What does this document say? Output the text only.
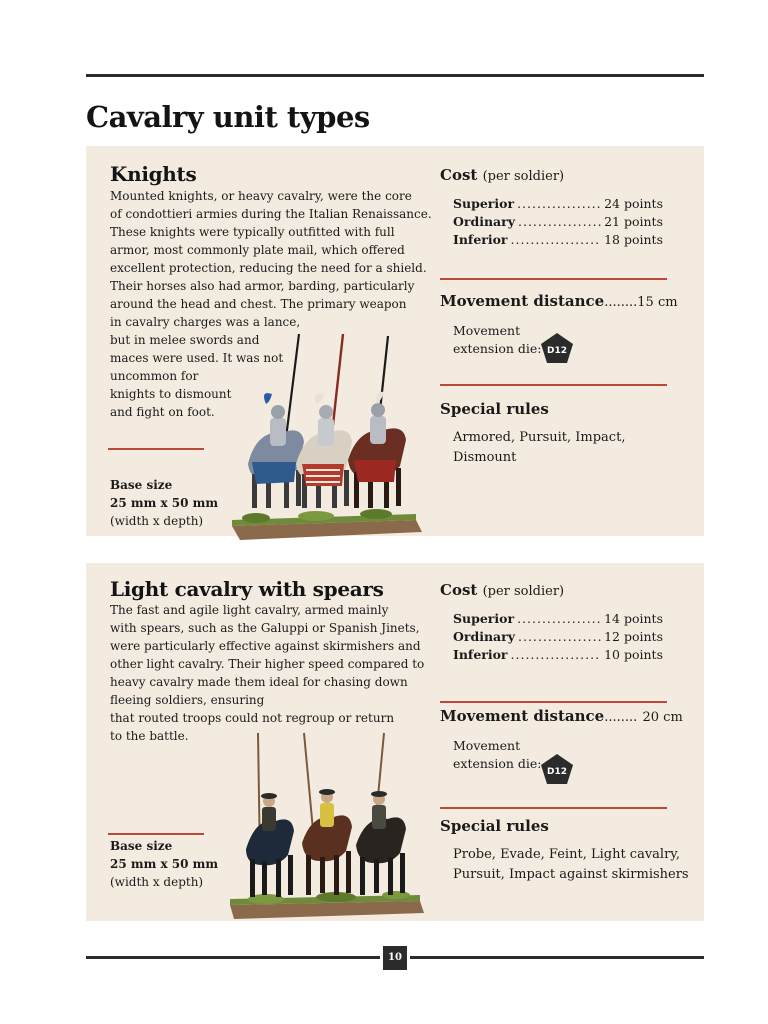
Cavalry unit types
Knights
Mounted knights, or heavy cavalry, were the core
of condottieri armies during the Italian Renaissance.
These knights were typically outfitted with full
armor, most commonly plate mail, which offered
excellent protection, reducing the need for a shield.
Their horses also had armor, barding, particularly
around the head and chest. The primary weapon
in cavalry charges was a lance,
but in melee swords and
maces were used. It was not
uncommon for
knights to dismount
and fight on foot.
Base size
25 mm x 50 mm
(width x depth)
Cost (per soldier)
Superior .....	24 points
Ordinary .....	21 points
Inferior .....	18 points
Movement distance........15 cm
Movement
extension die: D12
Special rules
Armored, Pursuit, Impact, Dismount
Light cavalry with spears
The fast and agile light cavalry, armed mainly
with spears, such as the Galuppi or Spanish Jinets,
were particularly effective against skirmishers and
other light cavalry. Their higher speed compared to
heavy cavalry made them ideal for chasing down
fleeing soldiers, ensuring
that routed troops could not regroup or return
to the battle.
Base size
25 mm x 50 mm
(width x depth)
Cost (per soldier)
Superior .....	14 points
Ordinary .....	12 points
Inferior .....	10 points
Movement distance........ 20 cm
Movement
extension die:
D12
Special rules
Probe, Evade, Feint, Light cavalry,
Pursuit, Impact against skirmishers
10
